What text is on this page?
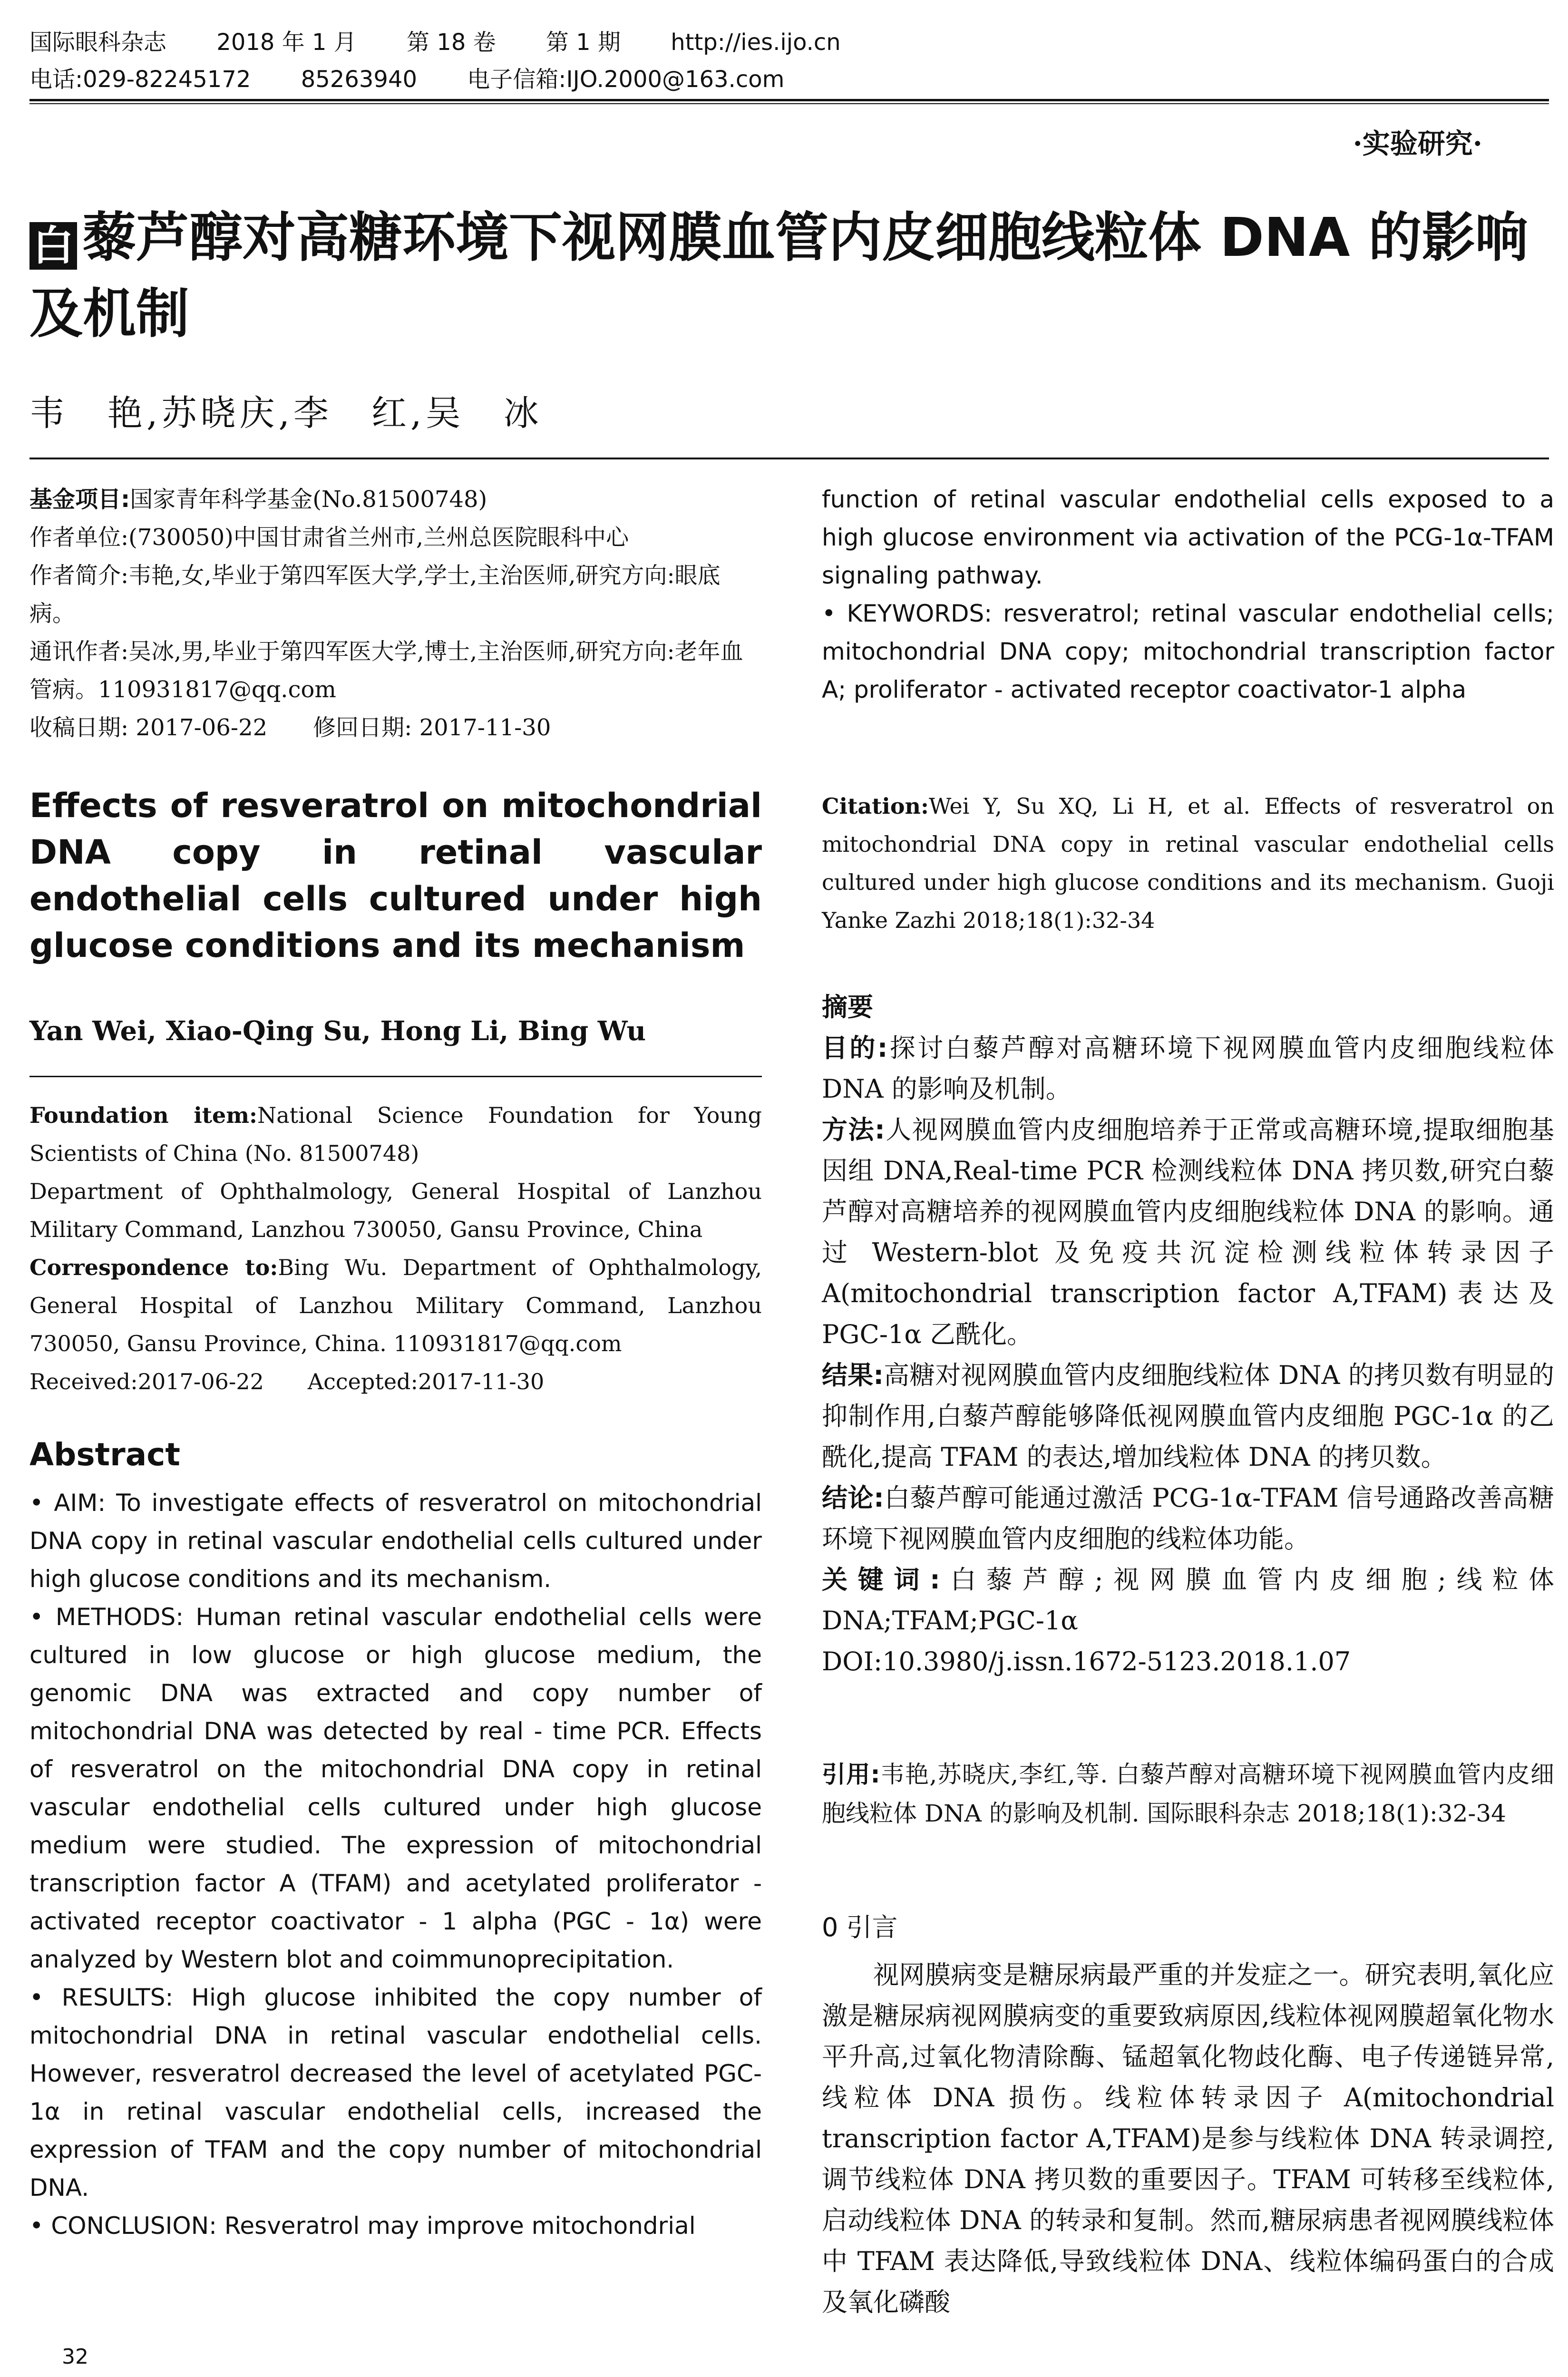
国际眼科杂志 2018 年 1 月 第 18 卷 第 1 期 http://ies.ijo.cn
电话:029-82245172 85263940 电子信箱:IJO.2000@163.com
·实验研究·
白 藜芦醇对高糖环境下视网膜血管内皮细胞线粒体 DNA 的影响及机制
韦　艳,苏晓庆,李　红,吴　冰

基金项目:国家青年科学基金(No.81500748)

作者单位:(730050)中国甘肃省兰州市,兰州总医院眼科中心

作者简介:韦艳,女,毕业于第四军医大学,学士,主治医师,研究方向:眼底病。

通讯作者:吴冰,男,毕业于第四军医大学,博士,主治医师,研究方向:老年血管病。110931817@qq.com

收稿日期: 2017-06-22　　修回日期: 2017-11-30

Effects of resveratrol on mitochondrial DNA copy in retinal vascular endothelial cells cultured under high glucose conditions and its mechanism
Yan Wei, Xiao-Qing Su, Hong Li, Bing Wu

Foundation item:National Science Foundation for Young Scientists of China (No. 81500748)

Department of Ophthalmology, General Hospital of Lanzhou Military Command, Lanzhou 730050, Gansu Province, China

Correspondence to:Bing Wu. Department of Ophthalmology, General Hospital of Lanzhou Military Command, Lanzhou 730050, Gansu Province, China. 110931817@qq.com

Received:2017-06-22　　Accepted:2017-11-30

Abstract

• AIM: To investigate effects of resveratrol on mitochondrial DNA copy in retinal vascular endothelial cells cultured under high glucose conditions and its mechanism.

• METHODS: Human retinal vascular endothelial cells were cultured in low glucose or high glucose medium, the genomic DNA was extracted and copy number of mitochondrial DNA was detected by real - time PCR. Effects of resveratrol on the mitochondrial DNA copy in retinal vascular endothelial cells cultured under high glucose medium were studied. The expression of mitochondrial transcription factor A (TFAM) and acetylated proliferator - activated receptor coactivator - 1 alpha (PGC - 1α) were analyzed by Western blot and coimmunoprecipitation.

• RESULTS: High glucose inhibited the copy number of mitochondrial DNA in retinal vascular endothelial cells. However, resveratrol decreased the level of acetylated PGC-1α in retinal vascular endothelial cells, increased the expression of TFAM and the copy number of mitochondrial DNA.

• CONCLUSION: Resveratrol may improve mitochondrial

function of retinal vascular endothelial cells exposed to a high glucose environment via activation of the PCG-1α-TFAM signaling pathway.

• KEYWORDS: resveratrol; retinal vascular endothelial cells; mitochondrial DNA copy; mitochondrial transcription factor A; proliferator - activated receptor coactivator-1 alpha

Citation:Wei Y, Su XQ, Li H, et al. Effects of resveratrol on mitochondrial DNA copy in retinal vascular endothelial cells cultured under high glucose conditions and its mechanism. Guoji Yanke Zazhi 2018;18(1):32-34

摘要

目的:探讨白藜芦醇对高糖环境下视网膜血管内皮细胞线粒体 DNA 的影响及机制。

方法:人视网膜血管内皮细胞培养于正常或高糖环境,提取细胞基因组 DNA,Real-time PCR 检测线粒体 DNA 拷贝数,研究白藜芦醇对高糖培养的视网膜血管内皮细胞线粒体 DNA 的影响。通过 Western-blot 及免疫共沉淀检测线粒体转录因子 A(mitochondrial transcription factor A,TFAM)表达及 PGC-1α 乙酰化。

结果:高糖对视网膜血管内皮细胞线粒体 DNA 的拷贝数有明显的抑制作用,白藜芦醇能够降低视网膜血管内皮细胞 PGC-1α 的乙酰化,提高 TFAM 的表达,增加线粒体 DNA 的拷贝数。

结论:白藜芦醇可能通过激活 PCG-1α-TFAM 信号通路改善高糖环境下视网膜血管内皮细胞的线粒体功能。

关键词:白藜芦醇;视网膜血管内皮细胞;线粒体 DNA;TFAM;PGC-1α

DOI:10.3980/j.issn.1672-5123.2018.1.07

引用:韦艳,苏晓庆,李红,等. 白藜芦醇对高糖环境下视网膜血管内皮细胞线粒体 DNA 的影响及机制. 国际眼科杂志 2018;18(1):32-34
0 引言
视网膜病变是糖尿病最严重的并发症之一。研究表明,氧化应激是糖尿病视网膜病变的重要致病原因,线粒体视网膜超氧化物水平升高,过氧化物清除酶、锰超氧化物歧化酶、电子传递链异常,线粒体 DNA 损伤。线粒体转录因子 A(mitochondrial transcription factor A,TFAM)是参与线粒体 DNA 转录调控,调节线粒体 DNA 拷贝数的重要因子。TFAM 可转移至线粒体,启动线粒体 DNA 的转录和复制。然而,糖尿病患者视网膜线粒体中 TFAM 表达降低,导致线粒体 DNA、线粒体编码蛋白的合成及氧化磷酸
32
